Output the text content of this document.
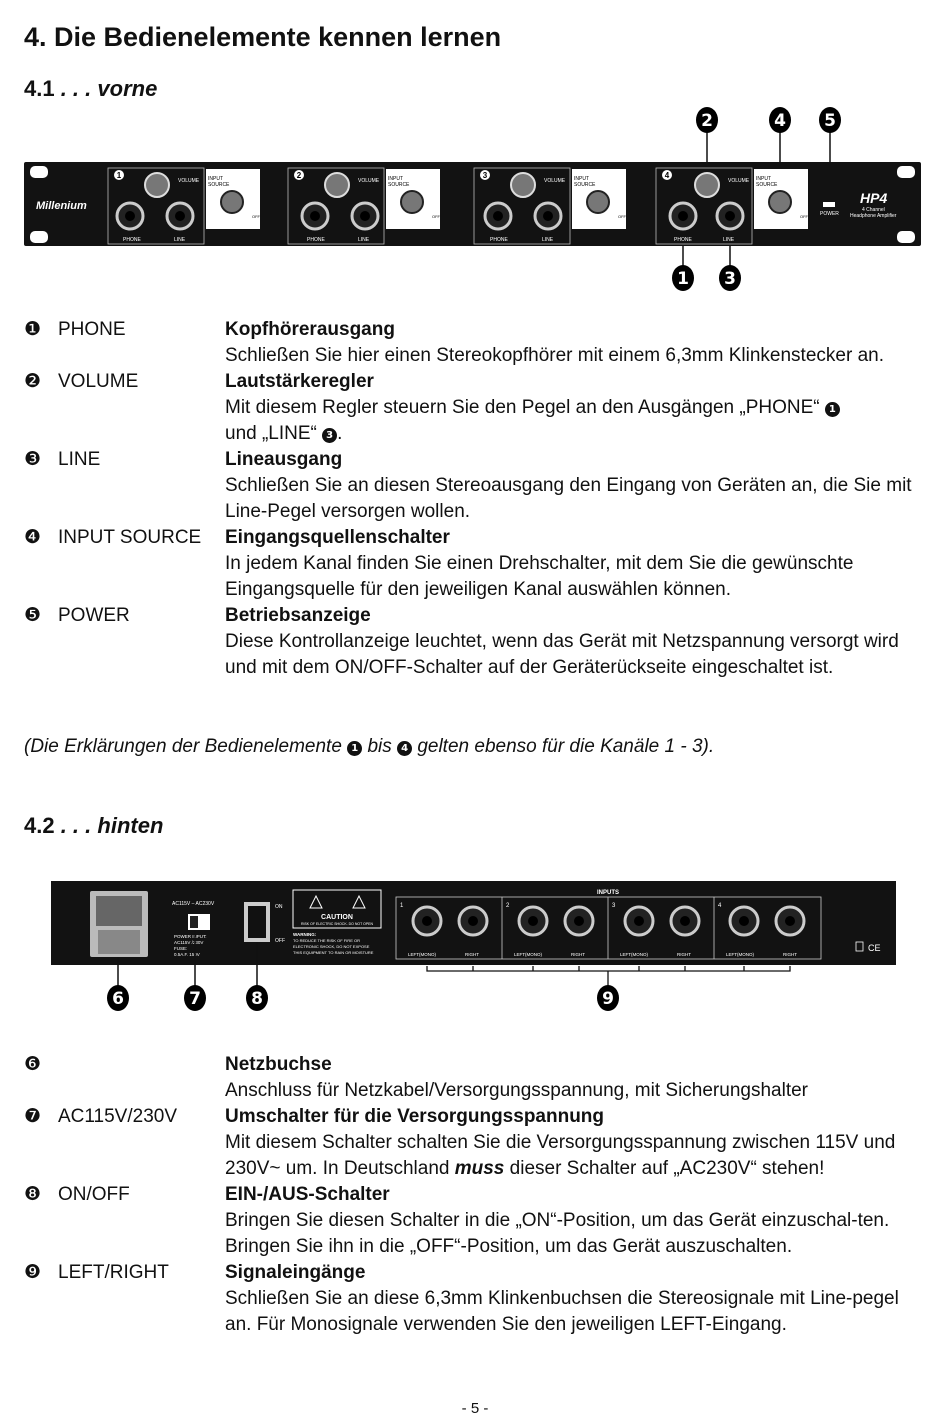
4. Die Bedienelemente kennen lernen
4.1 . . . vorne
Millenium
1
VOLUME
PHONE	LINE
INPUT
SOURCE
OFF
2
VOLUME
PHONE	LINE
INPUT
SOURCE
OFF
3
VOLUME
PHONE	LINE
INPUT
SOURCE
OFF
4
VOLUME
PHONE	LINE
INPUT
SOURCE
OFF POWER
HP4
4 Channel
Headphone Amplifier
2	4 5
1 3
❶ PHONE	Kopfhörerausgang
Schließen Sie hier einen Stereokopfhörer mit einem 6,3mm Klinkenstecker an.
❷ VOLUME	Lautstärkeregler
Mit diesem Regler steuern Sie den Pegel an den Ausgängen „PHONE“ 1
und „LINE“ 3 .
❸ LINE	Lineausgang
Schließen Sie an diesen Stereoausgang den Eingang von Geräten an, die Sie mit Line-Pegel versorgen wollen.
❹ INPUT SOURCE	Eingangsquellenschalter
In jedem Kanal finden Sie einen Drehschalter, mit dem Sie die gewünschte Eingangsquelle für den jeweiligen Kanal auswählen können.
❺ POWER	Betriebsanzeige
Diese Kontrollanzeige leuchtet, wenn das Gerät mit Netzspannung versorgt wird und mit dem ON/OFF-Schalter auf der Geräterückseite eingeschaltet ist.
(Die Erklärungen der Bedienelemente 1 bis 4 gelten ebenso für die Kanäle 1 - 3).
4.2 . . . hinten
AC115V – AC230V
POWER INPUT:
AC115V /230V
FUSE:
0.5A.F. 150V
ON
OFF
CAUTION
RISK OF ELECTRIC SHOCK. DO NOT OPEN
WARNING:
TO REDUCE THE RISK OF FIRE OR
ELECTRONIC SHOCK, DO NOT EXPOSE
THIS EQUIPMENT TO RAIN OR MOISTURE
INPUTS
1
LEFT(MONO)	RIGHT
2
LEFT(MONO)	RIGHT
3
LEFT(MONO)	RIGHT
4
LEFT(MONO)	RIGHT
CE
6	7	8	9
❻	Netzbuchse
Anschluss für Netzkabel/Versorgungsspannung, mit Sicherungshalter
❼ AC115V/230V	Umschalter für die Versorgungsspannung
Mit diesem Schalter schalten Sie die Versorgungsspannung zwischen 115V und 230V~ um. In Deutschland muss dieser Schalter auf „AC230V“ stehen!
❽ ON/OFF	EIN-/AUS-Schalter
Bringen Sie diesen Schalter in die „ON“-Position, um das Gerät einzuschal-ten. Bringen Sie ihn in die „OFF“-Position, um das Gerät auszuschalten.
❾ LEFT/RIGHT	Signaleingänge
Schließen Sie an diese 6,3mm Klinkenbuchsen die Stereosignale mit Line-pegel an. Für Monosignale verwenden Sie den jeweiligen LEFT-Eingang.
- 5 -
